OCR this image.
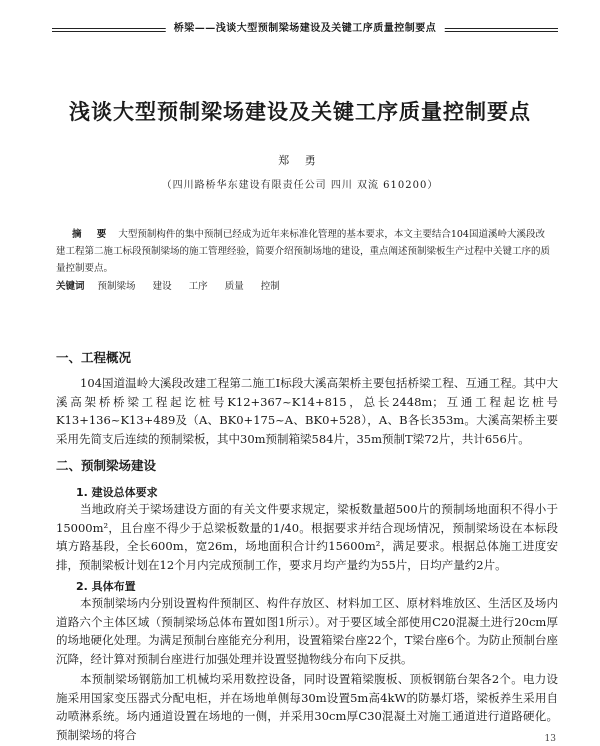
桥梁——浅谈大型预制梁场建设及关键工序质量控制要点
浅谈大型预制梁场建设及关键工序质量控制要点
郑 勇
（四川路桥华东建设有限责任公司 四川 双流 610200）
摘 要 大型预制构件的集中预制已经成为近年来标准化管理的基本要求，本文主要结合104国道溪岭大溪段改建工程第二施工标段预制梁场的施工管理经验，简要介绍预制场地的建设，重点阐述预制梁板生产过程中关键工序的质量控制要点。
关键词 预制梁场 建设 工序 质量 控制
一、工程概况
104国道温岭大溪段改建工程第二施工Ⅰ标段大溪高架桥主要包括桥梁工程、互通工程。其中大溪高架桥桥梁工程起讫桩号K12+367~K14+815，总长2448m；互通工程起讫桩号K13+136~K13+489及（A、BK0+175~A、BK0+528），A、B各长353m。大溪高架桥主要采用先简支后连续的预制梁板，其中30m预制箱梁584片，35m预制T梁72片，共计656片。
二、预制梁场建设
1. 建设总体要求
当地政府关于梁场建设方面的有关文件要求规定，梁板数量超500片的预制场地面积不得小于15000m²，且台座不得少于总梁板数量的1/40。根据要求并结合现场情况，预制梁场设在本标段填方路基段，全长600m，宽26m，场地面积合计约15600m²，满足要求。根据总体施工进度安排，预制梁板计划在12个月内完成预制工作，要求月均产量约为55片，日均产量约2片。
2. 具体布置
本预制梁场内分别设置构件预制区、构件存放区、材料加工区、原材料堆放区、生活区及场内道路六个主体区域（预制梁场总体布置如图1所示）。对于要区域全部使用C20混凝土进行20cm厚的场地硬化处理。为满足预制台座能充分利用，设置箱梁台座22个，T梁台座6个。为防止预制台座沉降，经计算对预制台座进行加强处理并设置竖抛物线分布向下反拱。
本预制梁场钢筋加工机械均采用数控设备，同时设置箱梁腹板、顶板钢筋台架各2个。电力设施采用国家变压器式分配电柜，并在场地单侧每30m设置5m高4kW的防暴灯塔，梁板养生采用自动喷淋系统。场内通道设置在场地的一侧，并采用30cm厚C30混凝土对施工通道进行道路硬化。预制梁场的将合	13
